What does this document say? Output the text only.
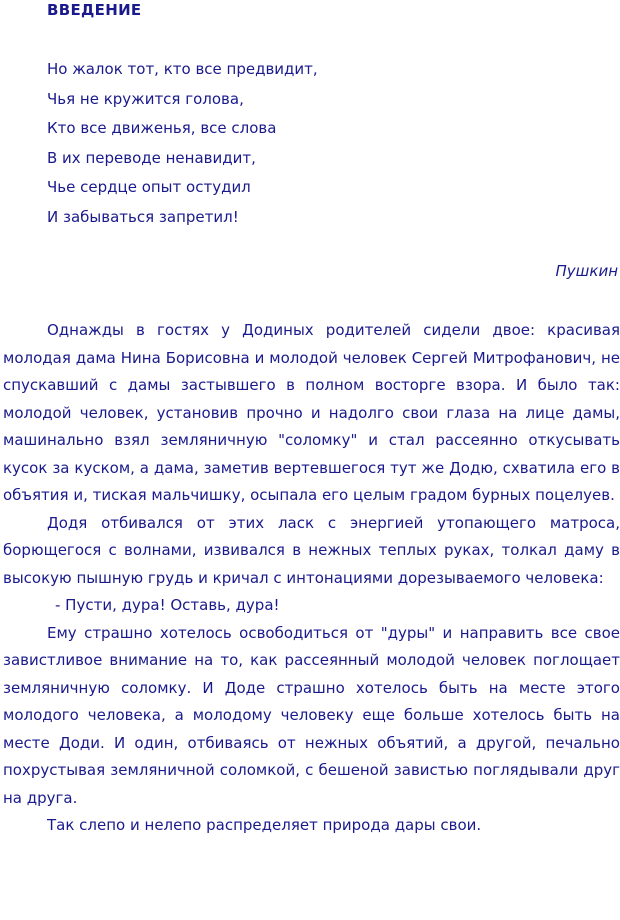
ВВЕДЕНИЕ
Но жалок тот, кто все предвидит,
Чья не кружится голова,
Кто все движенья, все слова
В их переводе ненавидит,
Чье сердце опыт остудил
И забываться запретил!
Пушкин

Однажды в гостях у Додиных родителей сидели двое: красивая молодая дама Нина Борисовна и молодой человек Сергей Митрофанович, не спускавший с дамы застывшего в полном восторге взора. И было так: молодой человек, установив прочно и надолго свои глаза на лице дамы, машинально взял земляничную "соломку" и стал рассеянно откусывать кусок за куском, а дама, заметив вертевшегося тут же Додю, схватила его в объятия и, тиская мальчишку, осыпала его целым градом бурных поцелуев.

Додя отбивался от этих ласк с энергией утопающего матроса, борющегося с волнами, извивался в нежных теплых руках, толкал даму в высокую пышную грудь и кричал с интонациями дорезываемого человека:

- Пусти, дура! Оставь, дура!

Ему страшно хотелось освободиться от "дуры" и направить все свое завистливое внимание на то, как рассеянный молодой человек поглощает земляничную соломку. И Доде страшно хотелось быть на месте этого молодого человека, а молодому человеку еще больше хотелось быть на месте Доди. И один, отбиваясь от нежных объятий, а другой, печально похрустывая земляничной соломкой, с бешеной завистью поглядывали друг на друга.

Так слепо и нелепо распределяет природа дары свои.
